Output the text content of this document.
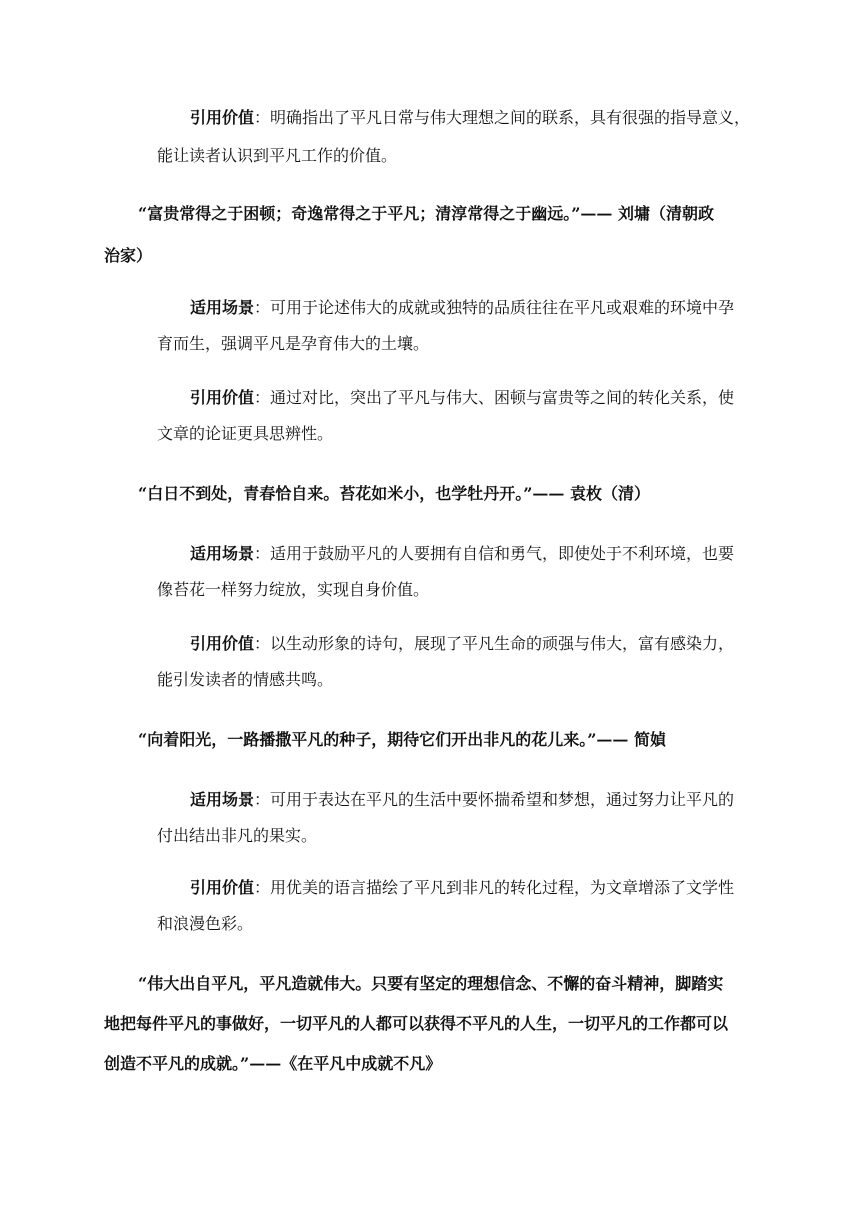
引用价值：明确指出了平凡日常与伟大理想之间的联系，具有很强的指导意义，
能让读者认识到平凡工作的价值。
“富贵常得之于困顿；奇逸常得之于平凡；清淳常得之于幽远。”—— 刘墉（清朝政
治家）
适用场景：可用于论述伟大的成就或独特的品质往往在平凡或艰难的环境中孕
育而生，强调平凡是孕育伟大的土壤。
引用价值：通过对比，突出了平凡与伟大、困顿与富贵等之间的转化关系，使
文章的论证更具思辨性。
“白日不到处，青春恰自来。苔花如米小，也学牡丹开。”—— 袁枚（清）
适用场景：适用于鼓励平凡的人要拥有自信和勇气，即使处于不利环境，也要
像苔花一样努力绽放，实现自身价值。
引用价值：以生动形象的诗句，展现了平凡生命的顽强与伟大，富有感染力，
能引发读者的情感共鸣。
“向着阳光，一路播撒平凡的种子，期待它们开出非凡的花儿来。”—— 简媜
适用场景：可用于表达在平凡的生活中要怀揣希望和梦想，通过努力让平凡的
付出结出非凡的果实。
引用价值：用优美的语言描绘了平凡到非凡的转化过程，为文章增添了文学性
和浪漫色彩。
“伟大出自平凡，平凡造就伟大。只要有坚定的理想信念、不懈的奋斗精神，脚踏实
地把每件平凡的事做好，一切平凡的人都可以获得不平凡的人生，一切平凡的工作都可以
创造不平凡的成就。”——《在平凡中成就不凡》
